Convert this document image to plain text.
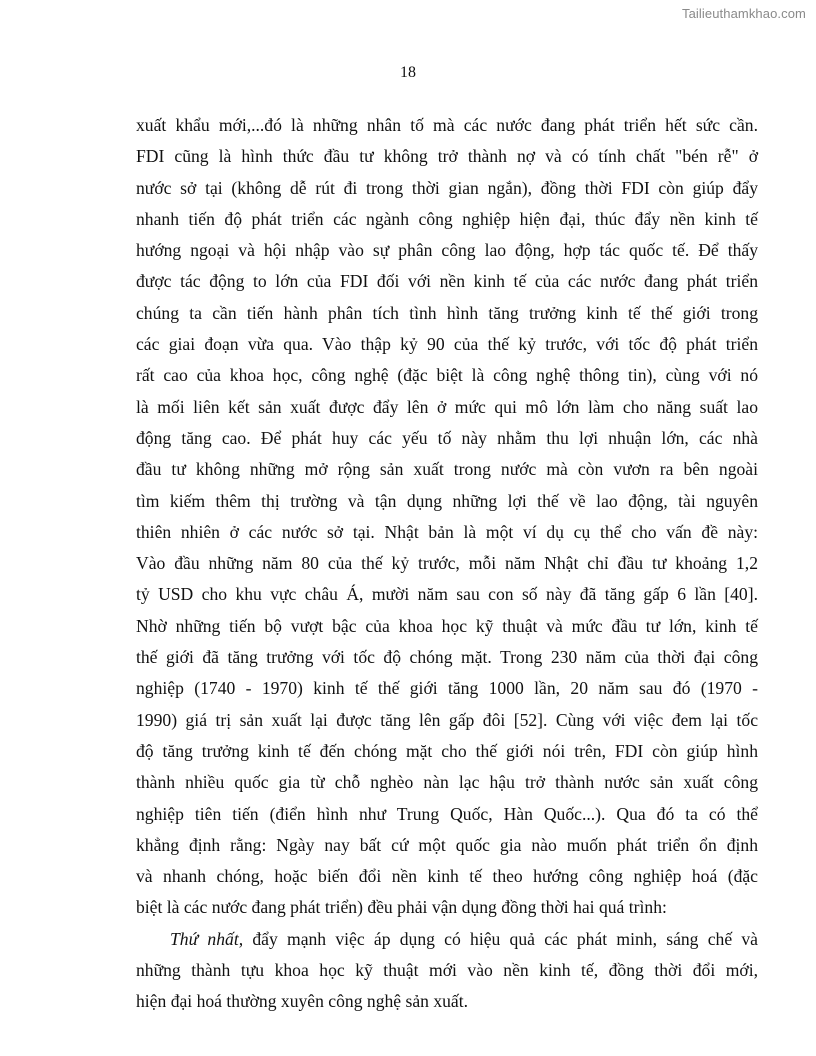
Tailieuthamkhao.com
18
xuất khẩu mới,...đó là những nhân tố mà các nước đang phát triển hết sức cần.
FDI cũng là hình thức đầu tư không trở thành nợ và có tính chất "bén rễ" ở
nước sở tại (không dễ rút đi trong thời gian ngắn), đồng thời FDI còn giúp đẩy
nhanh tiến độ phát triển các ngành công nghiệp hiện đại, thúc đẩy nền kinh tế
hướng ngoại và hội nhập vào sự phân công lao động, hợp tác quốc tế. Để thấy
được tác động to lớn của FDI đối với nền kinh tế của các nước đang phát triển
chúng ta cần tiến hành phân tích tình hình tăng trưởng kinh tế thế giới trong
các giai đoạn vừa qua. Vào thập kỷ 90 của thế kỷ trước, với tốc độ phát triển
rất cao của khoa học, công nghệ (đặc biệt là công nghệ thông tin), cùng với nó
là mối liên kết sản xuất được đẩy lên ở mức qui mô lớn làm cho năng suất lao
động tăng cao. Để phát huy các yếu tố này nhằm thu lợi nhuận lớn, các nhà
đầu tư không những mở rộng sản xuất trong nước mà còn vươn ra bên ngoài
tìm kiếm thêm thị trường và tận dụng những lợi thế về lao động, tài nguyên
thiên nhiên ở các nước sở tại. Nhật bản là một ví dụ cụ thể cho vấn đề này:
Vào đầu những năm 80 của thế kỷ trước, mỗi năm Nhật chỉ đầu tư khoảng 1,2
tỷ USD cho khu vực châu Á, mười năm sau con số này đã tăng gấp 6 lần [40].
Nhờ những tiến bộ vượt bậc của khoa học kỹ thuật và mức đầu tư lớn, kinh tế
thế giới đã tăng trưởng với tốc độ chóng mặt. Trong 230 năm của thời đại công
nghiệp (1740 - 1970) kinh tế thế giới tăng 1000 lần, 20 năm sau đó (1970 -
1990) giá trị sản xuất lại được tăng lên gấp đôi [52]. Cùng với việc đem lại tốc
độ tăng trưởng kinh tế đến chóng mặt cho thế giới nói trên, FDI còn giúp hình
thành nhiều quốc gia từ chỗ nghèo nàn lạc hậu trở thành nước sản xuất công
nghiệp tiên tiến (điển hình như Trung Quốc, Hàn Quốc...). Qua đó ta có thể
khẳng định rằng: Ngày nay bất cứ một quốc gia nào muốn phát triển ổn định
và nhanh chóng, hoặc biến đổi nền kinh tế theo hướng công nghiệp hoá (đặc
biệt là các nước đang phát triển) đều phải vận dụng đồng thời hai quá trình:
Thứ nhất, đẩy mạnh việc áp dụng có hiệu quả các phát minh, sáng chế và
những thành tựu khoa học kỹ thuật mới vào nền kinh tế, đồng thời đổi mới,
hiện đại hoá thường xuyên công nghệ sản xuất.
